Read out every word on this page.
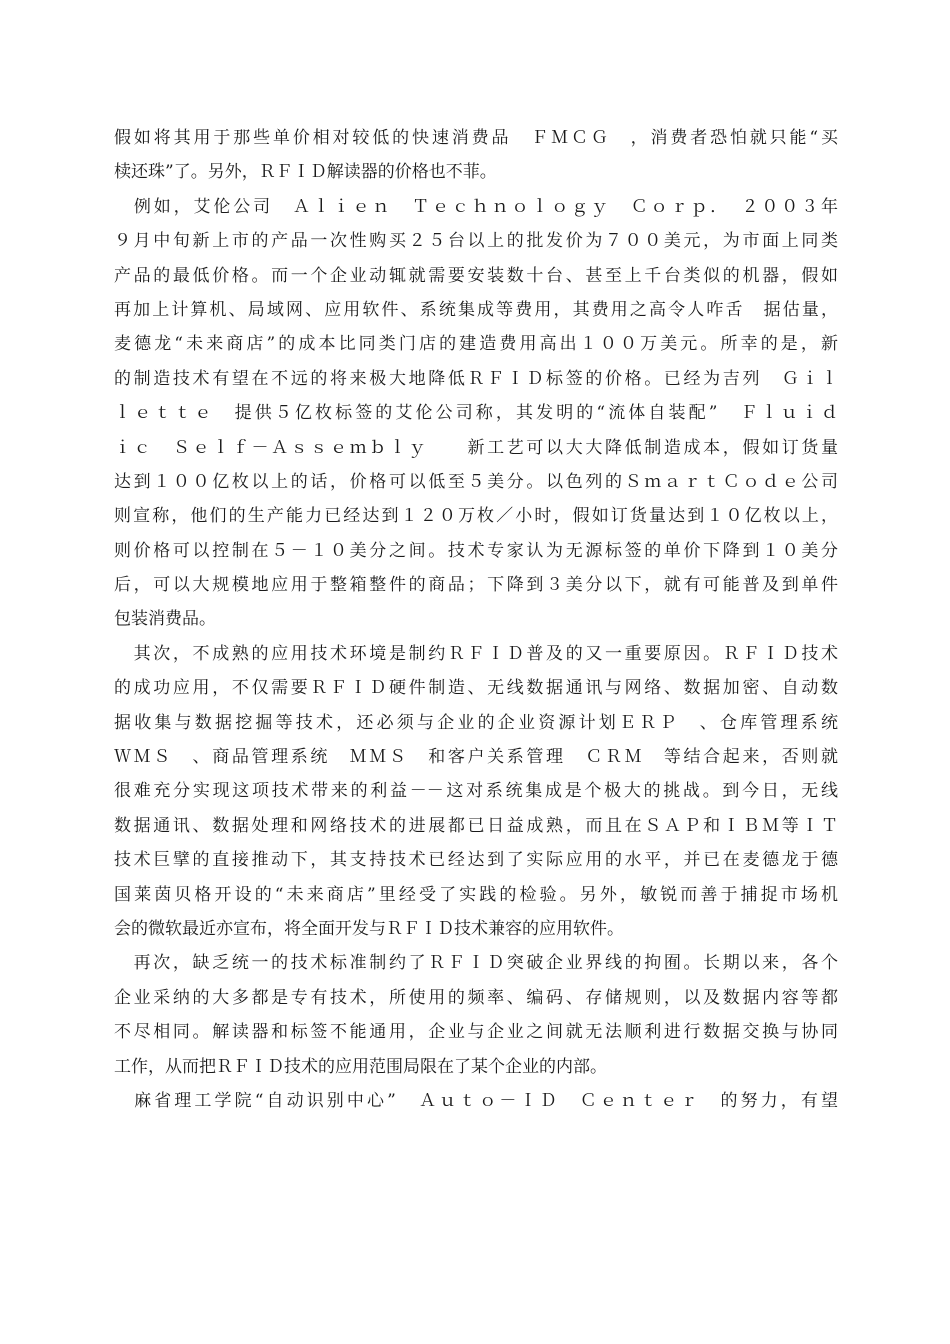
假如将其用于那些单价相对较低的快速消费品　ＦＭＣＧ　，消费者恐怕就只能“买
椟还珠”了。另外，ＲＦＩＤ解读器的价格也不菲。
　例如，艾伦公司　Ａｌｉｅｎ　Ｔｅｃｈｎｏｌｏｇｙ　Ｃｏｒｐ．　２００３年
９月中旬新上市的产品一次性购买２５台以上的批发价为７００美元，为市面上同类
产品的最低价格。而一个企业动辄就需要安装数十台、甚至上千台类似的机器，假如
再加上计算机、局域网、应用软件、系统集成等费用，其费用之高令人咋舌　据估量，
麦德龙“未来商店”的成本比同类门店的建造费用高出１００万美元。所幸的是，新
的制造技术有望在不远的将来极大地降低ＲＦＩＤ标签的价格。已经为吉列　Ｇｉｌ
ｌｅｔｔｅ　提供５亿枚标签的艾伦公司称，其发明的“流体自装配”　Ｆｌｕｉｄ
ｉｃ　Ｓｅｌｆ－Ａｓｓｅｍｂｌｙ　　新工艺可以大大降低制造成本，假如订货量
达到１００亿枚以上的话，价格可以低至５美分。以色列的ＳｍａｒｔＣｏｄｅ公司
则宣称，他们的生产能力已经达到１２０万枚／小时，假如订货量达到１０亿枚以上，
则价格可以控制在５－１０美分之间。技术专家认为无源标签的单价下降到１０美分
后，可以大规模地应用于整箱整件的商品；下降到３美分以下，就有可能普及到单件
包装消费品。
　其次，不成熟的应用技术环境是制约ＲＦＩＤ普及的又一重要原因。ＲＦＩＤ技术
的成功应用，不仅需要ＲＦＩＤ硬件制造、无线数据通讯与网络、数据加密、自动数
据收集与数据挖掘等技术，还必须与企业的企业资源计划ＥＲＰ　、仓库管理系统
ＷＭＳ　、商品管理系统　ＭＭＳ　和客户关系管理　ＣＲＭ　等结合起来，否则就
很难充分实现这项技术带来的利益－－这对系统集成是个极大的挑战。到今日，无线
数据通讯、数据处理和网络技术的进展都已日益成熟，而且在ＳＡＰ和ＩＢＭ等ＩＴ
技术巨擘的直接推动下，其支持技术已经达到了实际应用的水平，并已在麦德龙于德
国莱茵贝格开设的“未来商店”里经受了实践的检验。另外，敏锐而善于捕捉市场机
会的微软最近亦宣布，将全面开发与ＲＦＩＤ技术兼容的应用软件。
　再次，缺乏统一的技术标准制约了ＲＦＩＤ突破企业界线的拘囿。长期以来，各个
企业采纳的大多都是专有技术，所使用的频率、编码、存储规则，以及数据内容等都
不尽相同。解读器和标签不能通用，企业与企业之间就无法顺利进行数据交换与协同
工作，从而把ＲＦＩＤ技术的应用范围局限在了某个企业的内部。
　麻省理工学院“自动识别中心”　Ａｕｔｏ－ＩＤ　Ｃｅｎｔｅｒ　的努力，有望
